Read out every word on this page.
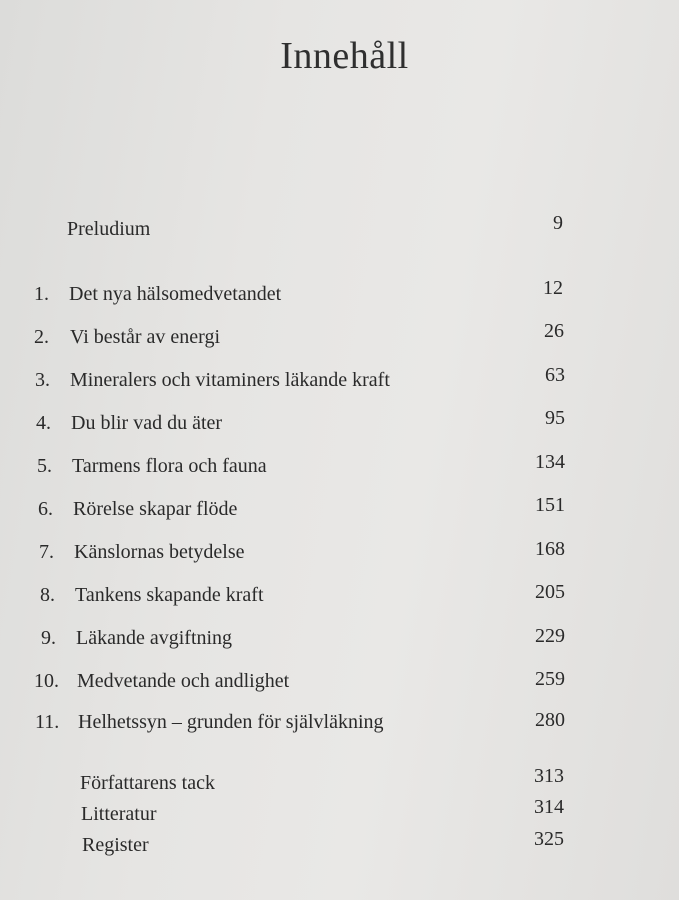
Innehåll
Preludium	9
1.	Det nya hälsomedvetandet	12
2.	Vi består av energi	26
3.	Mineralers och vitaminers läkande kraft	63
4.	Du blir vad du äter	95
5.	Tarmens flora och fauna	134
6.	Rörelse skapar flöde	151
7.	Känslornas betydelse	168
8.	Tankens skapande kraft	205
9.	Läkande avgiftning	229
10. Medvetande och andlighet	259
11. Helhetssyn – grunden för självläkning	280
Författarens tack	313
Litteratur	314
Register	325
